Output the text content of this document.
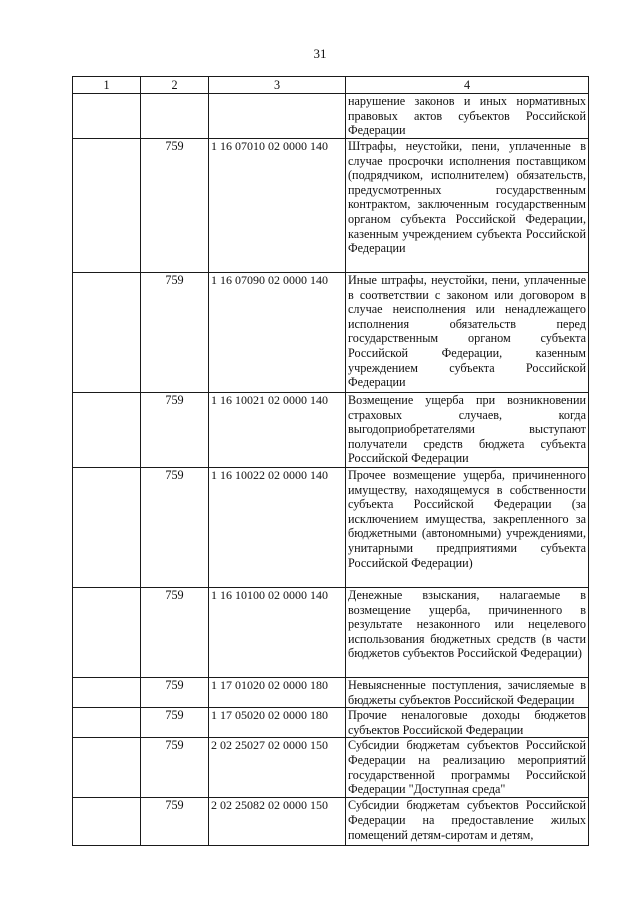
31
1	2	3	4
			нарушение законов и иных нормативных правовых актов субъектов Российской Федерации
	759	1 16 07010 02 0000 140	Штрафы, неустойки, пени, уплаченные в случае просрочки исполнения поставщиком (подрядчиком, исполнителем) обязательств, предусмотренных государственным контрактом, заключенным государственным органом субъекта Российской Федерации, казенным учреждением субъекта Российской Федерации
	759	1 16 07090 02 0000 140	Иные штрафы, неустойки, пени, уплаченные в соответствии с законом или договором в случае неисполнения или ненадлежащего исполнения обязательств перед государственным органом субъекта Российской Федерации, казенным учреждением субъекта Российской Федерации
	759	1 16 10021 02 0000 140	Возмещение ущерба при возникновении страховых случаев, когда выгодоприобретателями выступают получатели средств бюджета субъекта Российской Федерации
	759	1 16 10022 02 0000 140	Прочее возмещение ущерба, причиненного имуществу, находящемуся в собственности субъекта Российской Федерации (за исключением имущества, закрепленного за бюджетными (автономными) учреждениями, унитарными предприятиями субъекта Российской Федерации)
	759	1 16 10100 02 0000 140	Денежные взыскания, налагаемые в возмещение ущерба, причиненного в результате незаконного или нецелевого использования бюджетных средств (в части бюджетов субъектов Российской Федерации)
	759	1 17 01020 02 0000 180	Невыясненные поступления, зачисляемые в бюджеты субъектов Российской Федерации
	759	1 17 05020 02 0000 180	Прочие неналоговые доходы бюджетов субъектов Российской Федерации
	759	2 02 25027 02 0000 150	Субсидии бюджетам субъектов Российской Федерации на реализацию мероприятий государственной программы Российской Федерации "Доступная среда"
	759	2 02 25082 02 0000 150	Субсидии бюджетам субъектов Российской Федерации на предоставление жилых помещений детям-сиротам и детям,
